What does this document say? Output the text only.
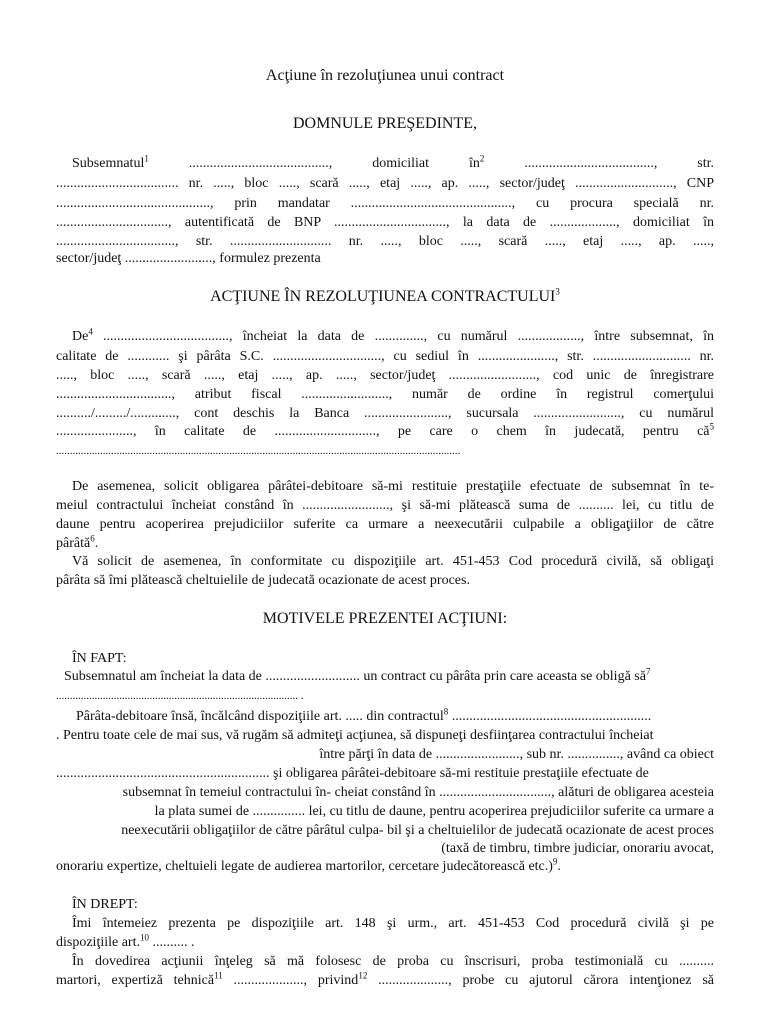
Acţiune în rezoluţiunea unui contract

DOMNULE PREŞEDINTE,

Subsemnatul$^1$ ........................................, domiciliat $în^2$ ....................................., str.

................................... nr. ....., bloc ....., scară ....., etaj ....., ap. ....., sector/judeţ ............................, CNP

............................................, prin mandatar .............................................., cu procura specială nr.

................................, autentificată de BNP ................................, la data de ..................., domiciliat în

.................................., str. ............................. nr. ....., bloc ....., scară ....., etaj ....., ap. .....,

sector/judeţ ........................., formulez prezenta

ACŢIUNE ÎN REZOLUŢIUNEA CONTRACTULUI$^3$

De$^4$ ...................................., încheiat la data de .............., cu numărul .................., între subsemnat, în

calitate de ............ şi pârâta S.C. ..............................., cu sediul în ......................, str. ............................ nr.

....., bloc ....., scară ....., etaj ....., ap. ....., sector/judeţ ........................., cod unic de înregistrare

................................., atribut fiscal ........................., număr de ordine în registrul comerţului

........../........./............., cont deschis la Banca ........................, sucursala ........................., cu numărul

......................, în calitate de ............................., pe care o chem în judecată, pentru $că^5$

...................................................................................................................................................

De asemenea, solicit obligarea pârâtei-debitoare să-mi restituie prestaţiile efectuate de subsemnat în te-

meiul contractului încheiat constând în ........................., şi să-mi plătească suma de .......... lei, cu titlu de

daune pentru acoperirea prejudiciilor suferite ca urmare a neexecutării culpabile a obligaţiilor de către

pârâtă$^6$.

Vă solicit de asemenea, în conformitate cu dispoziţiile art. 451-453 Cod procedură civilă, să obligaţi

pârâta să îmi plătească cheltuielile de judecată ocazionate de acest proces.

MOTIVELE PREZENTEI ACŢIUNI:

ÎN FAPT:

Subsemnatul am încheiat la data de ........................... un contract cu pârâta prin care aceasta se obligă $să^7$

........................................................................................ .

Pârâta-debitoare însă, încălcând dispoziţiile art. ..... din contractul$^8$ .........................................................

. Pentru toate cele de mai sus, vă rugăm să admiteţi acţiunea, să dispuneţi desfiinţarea contractului încheiat

între părţi în data de ........................, sub nr. ..............., având ca obiect

............................................................. şi obligarea pârâtei-debitoare să-mi restituie prestaţiile efectuate de

subsemnat în temeiul contractului în- cheiat constând în ................................, alături de obligarea acesteia

la plata sumei de ............... lei, cu titlu de daune, pentru acoperirea prejudiciilor suferite ca urmare a

neexecutării obligaţiilor de către pârâtul culpa- bil şi a cheltuielilor de judecată ocazionate de acest proces

(taxă de timbru, timbre judiciar, onorariu avocat,

onorariu expertize, cheltuieli legate de audierea martorilor, cercetare judecătorească etc.)$^9$.

ÎN DREPT:

Îmi întemeiez prezenta pe dispoziţiile art. 148 şi urm., art. 451-453 Cod procedură civilă şi pe

dispoziţiile art.$^{10}$ .......... .

În dovedirea acţiunii înţeleg să mă folosesc de proba cu înscrisuri, proba testimonială cu ..........

martori, expertiză tehnică$^{11}$ ...................., privind$^{12}$ ...................., probe cu ajutorul cărora intenţionez să
